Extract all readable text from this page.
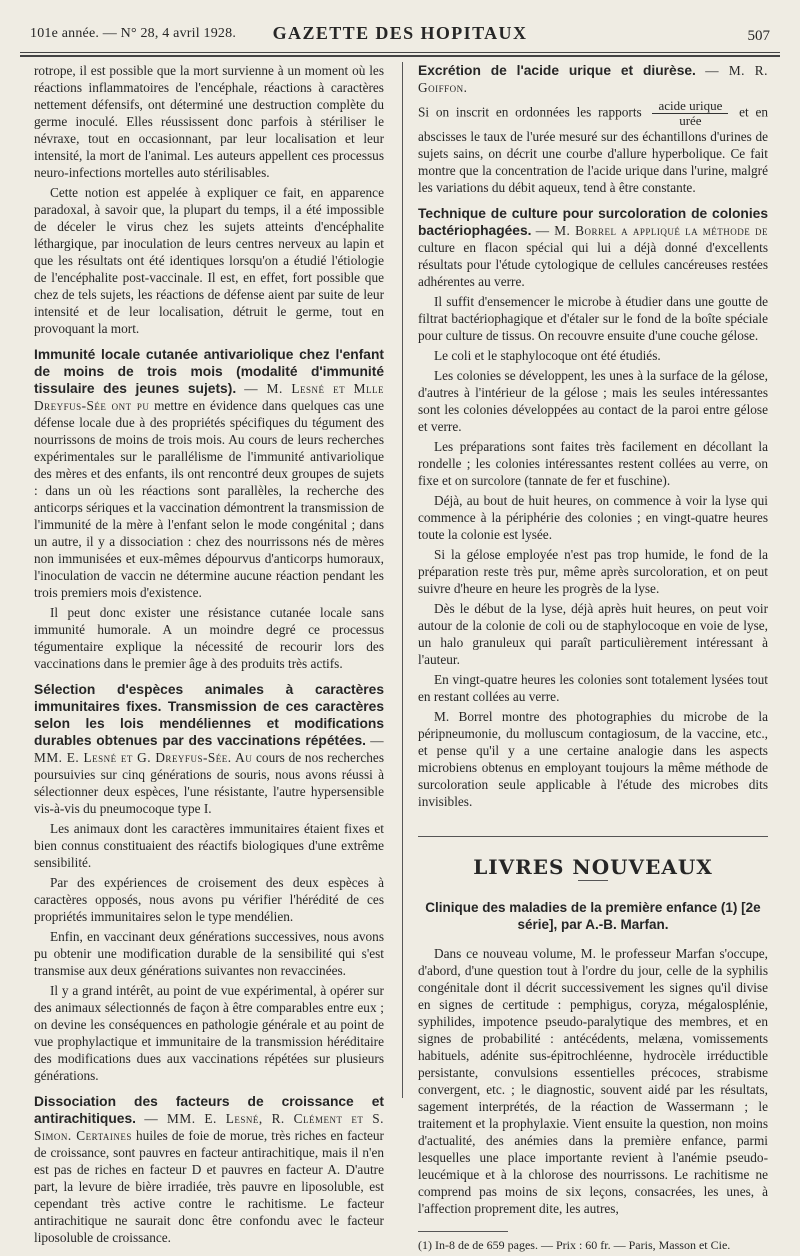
101e année. — N° 28, 4 avril 1928.	GAZETTE DES HOPITAUX	507

rotrope, il est possible que la mort survienne à un moment où les réactions inflammatoires de l'encéphale, réactions à caractères nettement défensifs, ont déterminé une destruction complète du germe inoculé. Elles réussissent donc parfois à stériliser le névraxe, tout en occasionnant, par leur localisation et leur intensité, la mort de l'animal. Les auteurs appellent ces processus neuro-infections mortelles auto stérilisables.

Cette notion est appelée à expliquer ce fait, en apparence paradoxal, à savoir que, la plupart du temps, il a été impossible de déceler le virus chez les sujets atteints d'encéphalite léthargique, par inoculation de leurs centres nerveux au lapin et que les résultats ont été identiques lorsqu'on a étudié l'étiologie de l'encéphalite post-vaccinale. Il est, en effet, fort possible que chez de tels sujets, les réactions de défense aient par suite de leur intensité et de leur localisation, détruit le germe, tout en provoquant la mort.

Immunité locale cutanée antivariolique chez l'enfant de moins de trois mois (modalité d'immunité tissulaire des jeunes sujets). — M. Lesné et Mlle Dreyfus-Sée ont pu mettre en évidence dans quelques cas une défense locale due à des propriétés spécifiques du tégument des nourrissons de moins de trois mois. Au cours de leurs recherches expérimentales sur le parallélisme de l'immunité antivariolique des mères et des enfants, ils ont rencontré deux groupes de sujets : dans un où les réactions sont parallèles, la recherche des anticorps sériques et la vaccination démontrent la transmission de l'immunité de la mère à l'enfant selon le mode congénital ; dans un autre, il y a dissociation : chez des nourrissons nés de mères non immunisées et eux-mêmes dépourvus d'anticorps humoraux, l'inoculation de vaccin ne détermine aucune réaction pendant les trois premiers mois d'existence.

Il peut donc exister une résistance cutanée locale sans immunité humorale. A un moindre degré ce processus tégumentaire explique la nécessité de recourir lors des vaccinations dans le premier âge à des produits très actifs.

Sélection d'espèces animales à caractères immunitaires fixes. Transmission de ces caractères selon les lois mendéliennes et modifications durables obtenues par des vaccinations répétées. — MM. E. Lesné et G. Dreyfus-Sée. Au cours de nos recherches poursuivies sur cinq générations de souris, nous avons réussi à sélectionner deux espèces, l'une résistante, l'autre hypersensible vis-à-vis du pneumocoque type I.

Les animaux dont les caractères immunitaires étaient fixes et bien connus constituaient des réactifs biologiques d'une extrême sensibilité.

Par des expériences de croisement des deux espèces à caractères opposés, nous avons pu vérifier l'hérédité de ces propriétés immunitaires selon le type mendélien.

Enfin, en vaccinant deux générations successives, nous avons pu obtenir une modification durable de la sensibilité qui s'est transmise aux deux générations suivantes non revaccinées.

Il y a grand intérêt, au point de vue expérimental, à opérer sur des animaux sélectionnés de façon à être comparables entre eux ; on devine les conséquences en pathologie générale et au point de vue prophylactique et immunitaire de la transmission héréditaire des modifications dues aux vaccinations répétées sur plusieurs générations.

Dissociation des facteurs de croissance et antirachitiques. — MM. E. Lesné, R. Clément et S. Simon. Certaines huiles de foie de morue, très riches en facteur de croissance, sont pauvres en facteur antirachitique, mais il n'en est pas de riches en facteur D et pauvres en facteur A. D'autre part, la levure de bière irradiée, très pauvre en liposoluble, est cependant très active contre le rachitisme. Le facteur antirachitique ne saurait donc être confondu avec le facteur liposoluble de croissance.

Excrétion de l'acide urique et diurèse. — M. R. Goiffon.

Si on inscrit en ordonnées les rapports $\frac{\text{acide urique}}{\text{urée}}$ et en abscisses le taux de l'urée mesuré sur des échantillons d'urines de sujets sains, on décrit une courbe d'allure hyperbolique. Ce fait montre que la concentration de l'acide urique dans l'urine, malgré les variations du débit aqueux, tend à être constante.

Technique de culture pour surcoloration de colonies bactériophagées. — M. Borrel a appliqué la méthode de culture en flacon spécial qui lui a déjà donné d'excellents résultats pour l'étude cytologique de cellules cancéreuses restées adhérentes au verre.

Il suffit d'ensemencer le microbe à étudier dans une goutte de filtrat bactériophagique et d'étaler sur le fond de la boîte spéciale pour culture de tissus. On recouvre ensuite d'une couche gélose.

Le coli et le staphylocoque ont été étudiés.

Les colonies se développent, les unes à la surface de la gélose, d'autres à l'intérieur de la gélose ; mais les seules intéressantes sont les colonies développées au contact de la paroi entre gélose et verre.

Les préparations sont faites très facilement en décollant la rondelle ; les colonies intéressantes restent collées au verre, on fixe et on surcolore (tannate de fer et fuschine).

Déjà, au bout de huit heures, on commence à voir la lyse qui commence à la périphérie des colonies ; en vingt-quatre heures toute la colonie est lysée.

Si la gélose employée n'est pas trop humide, le fond de la préparation reste très pur, même après surcoloration, et on peut suivre d'heure en heure les progrès de la lyse.

Dès le début de la lyse, déjà après huit heures, on peut voir autour de la colonie de coli ou de staphylocoque en voie de lyse, un halo granuleux qui paraît particulièrement intéressant à l'auteur.

En vingt-quatre heures les colonies sont totalement lysées tout en restant collées au verre.

M. Borrel montre des photographies du microbe de la péripneumonie, du molluscum contagiosum, de la vaccine, etc., et pense qu'il y a une certaine analogie dans les aspects microbiens obtenus en employant toujours la même méthode de surcoloration seule applicable à l'étude des microbes dits invisibles.

LIVRES NOUVEAUX
Clinique des maladies de la première enfance (1) [2e série], par A.-B. Marfan.

Dans ce nouveau volume, M. le professeur Marfan s'occupe, d'abord, d'une question tout à l'ordre du jour, celle de la syphilis congénitale dont il décrit successivement les signes qu'il divise en signes de certitude : pemphigus, coryza, mégalosplénie, syphilides, impotence pseudo-paralytique des membres, et en signes de probabilité : antécédents, melæna, vomissements habituels, adénite sus-épitrochléenne, hydrocèle irréductible persistante, convulsions essentielles précoces, strabisme convergent, etc. ; le diagnostic, souvent aidé par les résultats, sagement interprétés, de la réaction de Wassermann ; le traitement et la prophylaxie. Vient ensuite la question, non moins d'actualité, des anémies dans la première enfance, parmi lesquelles une place importante revient à l'anémie pseudo-leucémique et à la chlorose des nourrissons. Le rachitisme ne comprend pas moins de six leçons, consacrées, les unes, à l'affection proprement dite, les autres,

(1) In-8 de de 659 pages. — Prix : 60 fr. — Paris, Masson et Cie.
